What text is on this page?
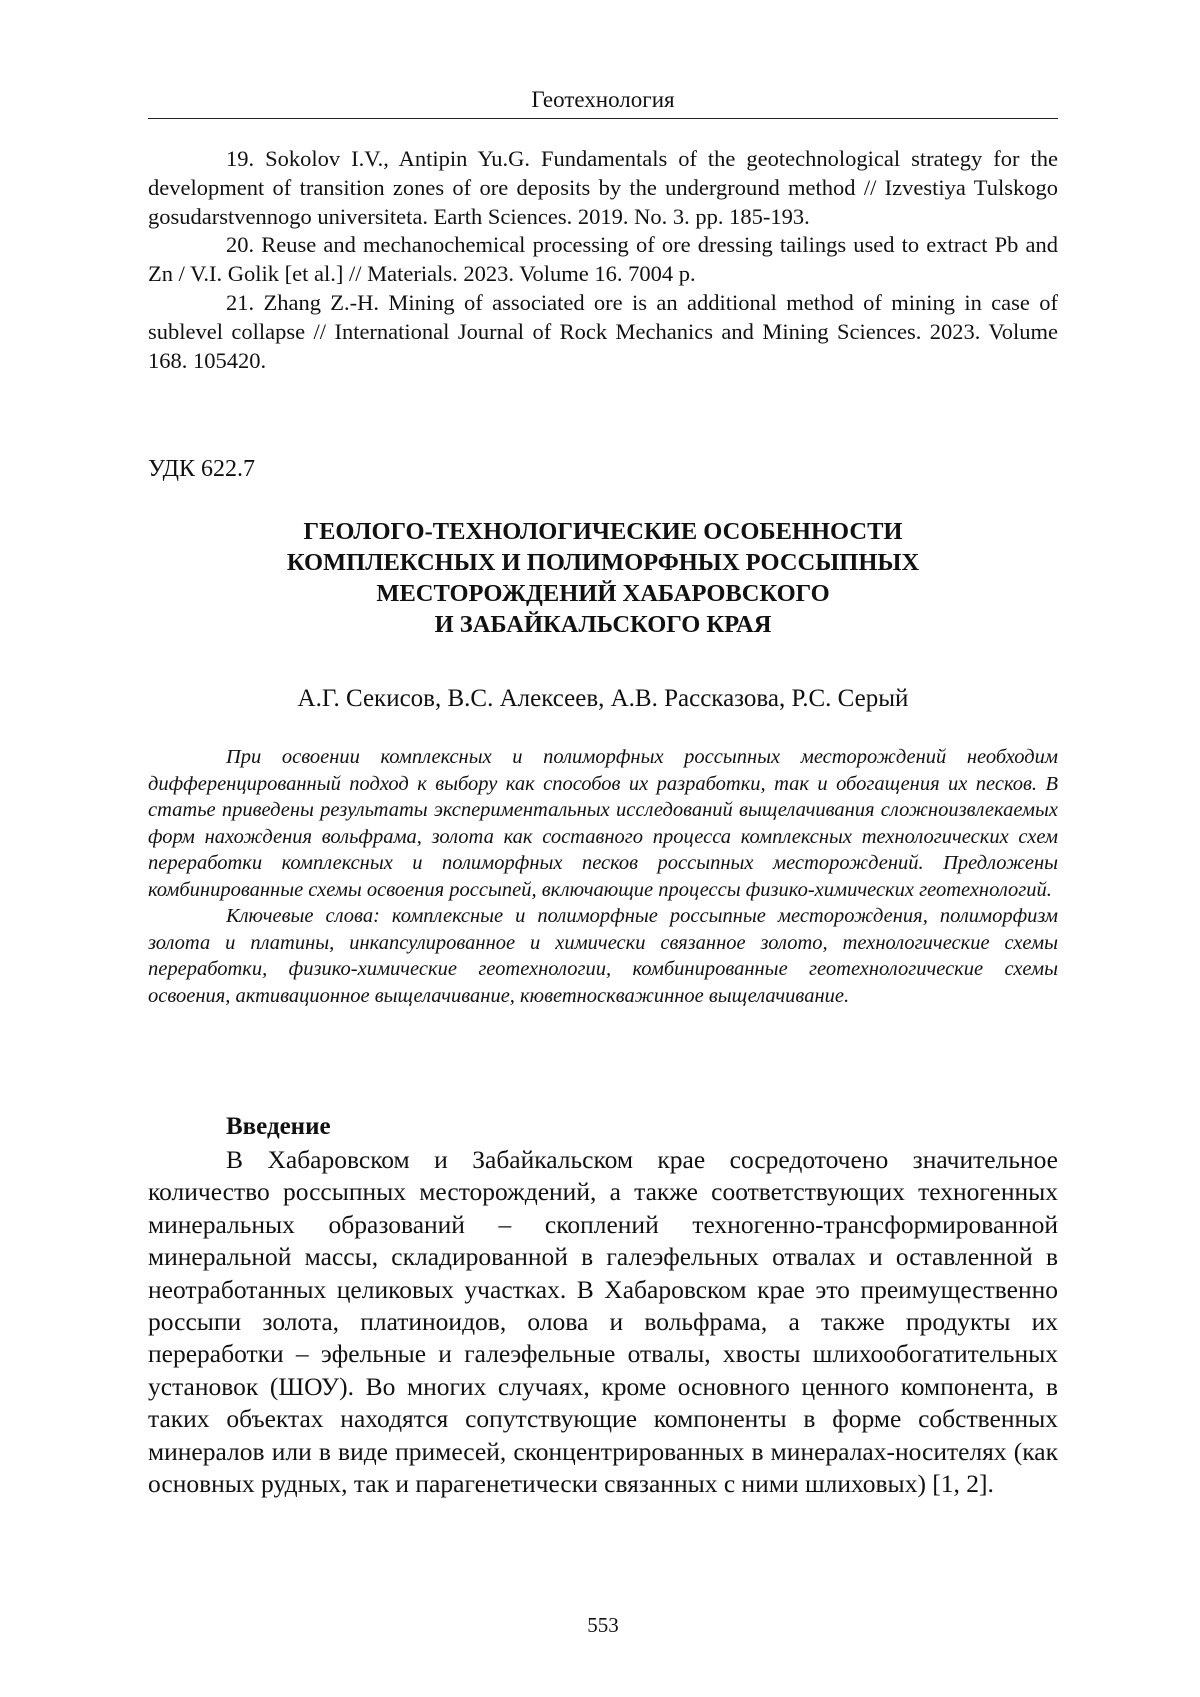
Геотехнология

19. Sokolov I.V., Antipin Yu.G. Fundamentals of the geotechnological strategy for the development of transition zones of ore deposits by the underground method // Izvestiya Tulskogo gosudarstvennogo universiteta. Earth Sciences. 2019. No. 3. pp. 185-193.

20. Reuse and mechanochemical processing of ore dressing tailings used to extract Pb and Zn / V.I. Golik [et al.] // Materials. 2023. Volume 16. 7004 p.

21. Zhang Z.-H. Mining of associated ore is an additional method of mining in case of sublevel collapse // International Journal of Rock Mechanics and Mining Sciences. 2023. Volume 168. 105420.

УДК 622.7
ГЕОЛОГО-ТЕХНОЛОГИЧЕСКИЕ ОСОБЕННОСТИ
КОМПЛЕКСНЫХ И ПОЛИМОРФНЫХ РОССЫПНЫХ
МЕСТОРОЖДЕНИЙ ХАБАРОВСКОГО
И ЗАБАЙКАЛЬСКОГО КРАЯ
А.Г. Секисов, В.С. Алексеев, А.В. Рассказова, Р.С. Серый

При освоении комплексных и полиморфных россыпных месторождений необходим дифференцированный подход к выбору как способов их разработки, так и обогащения их песков. В статье приведены результаты экспериментальных исследований выщелачивания сложноизвлекаемых форм нахождения вольфрама, золота как составного процесса комплексных технологических схем переработки комплексных и полиморфных песков россыпных месторождений. Предложены комбинированные схемы освоения россыпей, включающие процессы физико-химических геотехнологий.

Ключевые слова: комплексные и полиморфные россыпные месторождения, полиморфизм золота и платины, инкапсулированное и химически связанное золото, технологические схемы переработки, физико-химические геотехнологии, комбинированные геотехнологические схемы освоения, активационное выщелачивание, кюветноскважинное выщелачивание.

Введение

В Хабаровском и Забайкальском крае сосредоточено значительное количество россыпных месторождений, а также соответствующих техногенных минеральных образований – скоплений техногенно-трансформированной минеральной массы, складированной в галеэфельных отвалах и оставленной в неотработанных целиковых участках. В Хабаровском крае это преимущественно россыпи золота, платиноидов, олова и вольфрама, а также продукты их переработки – эфельные и галеэфельные отвалы, хвосты шлихообогатительных установок (ШОУ). Во многих случаях, кроме основного ценного компонента, в таких объектах находятся сопутствующие компоненты в форме собственных минералов или в виде примесей, сконцентрированных в минералах-носителях (как основных рудных, так и парагенетически связанных с ними шлиховых) [1, 2].

553
